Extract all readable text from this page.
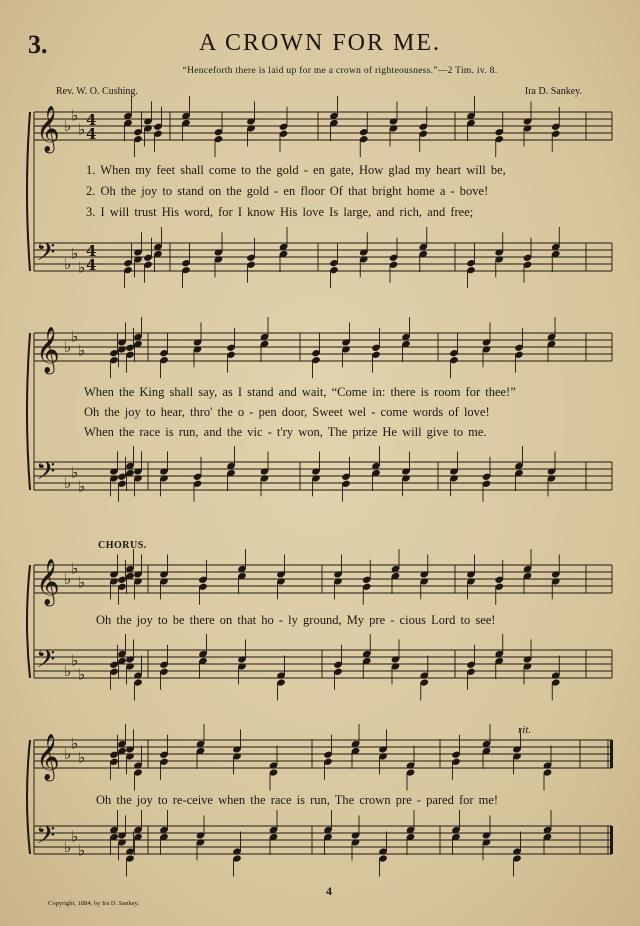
3.	A CROWN FOR ME.
“Henceforth there is laid up for me a crown of righteousness.”—2 Tim. iv. 8.
Rev. W. O. Cushing.	Ira D. Sankey.
𝄞 ♭
♭
♭
4
4
𝄢 ♭
♭
♭
4
4
𝄞 ♭
♭
♭
𝄢 ♭
♭
♭
𝄞 ♭
♭
♭
𝄢 ♭
♭
♭
𝄞 ♭
♭
♭
𝄢 ♭
♭
♭
1. When my feet shall come to the gold - en gate, How glad my heart will be,
2. Oh the joy to stand on the gold - en floor Of that bright home a - bove!
3. I will trust His word, for I know His love Is large, and rich, and free;
When the King shall say, as I stand and wait, “Come in: there is room for thee!”
Oh the joy to hear, thro' the o - pen door, Sweet wel - come words of love!
When the race is run, and the vic - t'ry won, The prize He will give to me.
CHORUS.
Oh the joy to be there on that ho - ly ground, My pre - cious Lord to see!
rit.
Oh the joy to re-ceive when the race is run, The crown pre - pared for me!
4
Copyright, 1884, by Ira D. Sankey.
